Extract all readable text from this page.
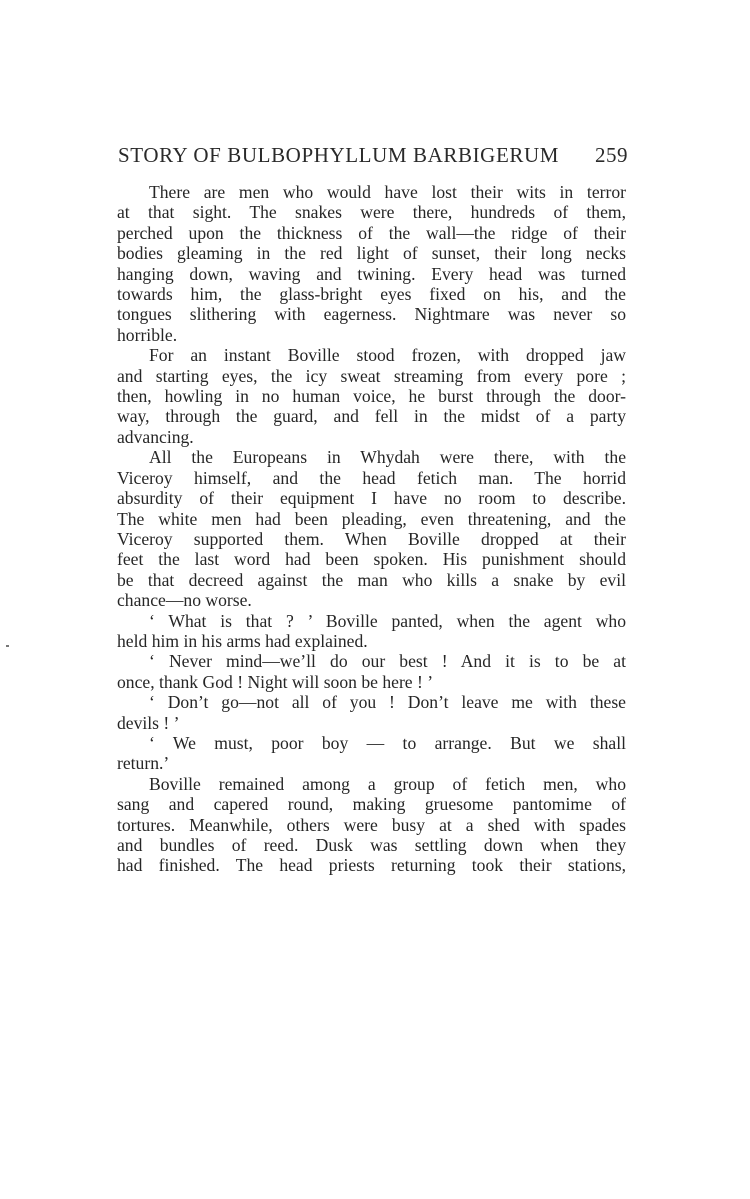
STORY OF BULBOPHYLLUM BARBIGERUM 259

There are men who would have lost their wits in terror
at that sight. The snakes were there, hundreds of them,
perched upon the thickness of the wall—the ridge of their
bodies gleaming in the red light of sunset, their long necks
hanging down, waving and twining. Every head was turned
towards him, the glass-bright eyes fixed on his, and the
tongues slithering with eagerness. Nightmare was never so
horrible.

For an instant Boville stood frozen, with dropped jaw
and starting eyes, the icy sweat streaming from every pore ;
then, howling in no human voice, he burst through the door-
way, through the guard, and fell in the midst of a party
advancing.

All the Europeans in Whydah were there, with the
Viceroy himself, and the head fetich man. The horrid
absurdity of their equipment I have no room to describe.
The white men had been pleading, even threatening, and the
Viceroy supported them. When Boville dropped at their
feet the last word had been spoken. His punishment should
be that decreed against the man who kills a snake by evil
chance—no worse.

‘ What is that ? ’ Boville panted, when the agent who
held him in his arms had explained.

‘ Never mind—we’ll do our best ! And it is to be at
once, thank God ! Night will soon be here ! ’

‘ Don’t go—not all of you ! Don’t leave me with these
devils ! ’

‘ We must, poor boy — to arrange. But we shall
return.’

Boville remained among a group of fetich men, who
sang and capered round, making gruesome pantomime of
tortures. Meanwhile, others were busy at a shed with spades
and bundles of reed. Dusk was settling down when they
had finished. The head priests returning took their stations,
